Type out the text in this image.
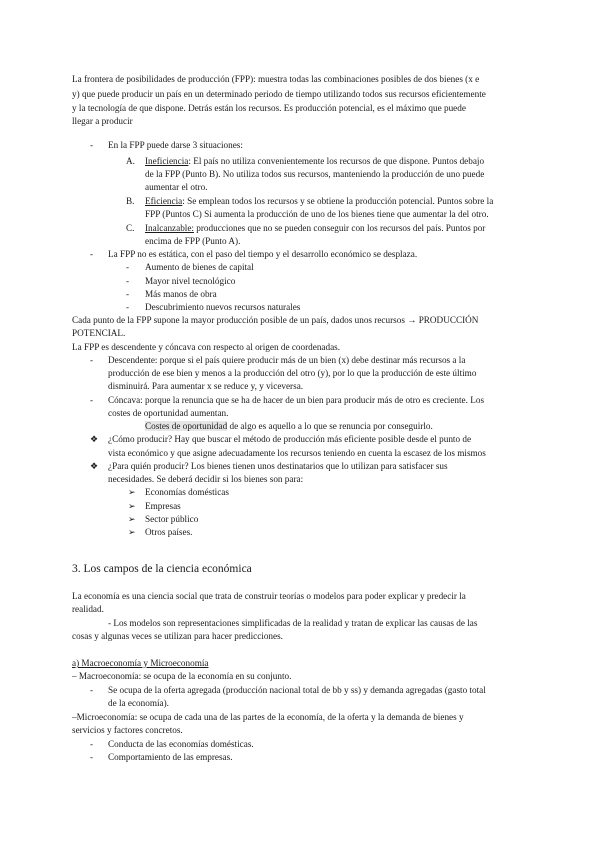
La frontera de posibilidades de producción (FPP): muestra todas las combinaciones posibles de dos bienes (x e
y) que puede producir un país en un determinado periodo de tiempo utilizando todos sus recursos eficientemente
y la tecnología de que dispone. Detrás están los recursos. Es producción potencial, es el máximo que puede
llegar a producir
- En la FPP puede darse 3 situaciones:
A. Ineficiencia: El país no utiliza convenientemente los recursos de que dispone. Puntos debajo
de la FPP (Punto B). No utiliza todos sus recursos, manteniendo la producción de uno puede
aumentar el otro.
B. Eficiencia: Se emplean todos los recursos y se obtiene la producción potencial. Puntos sobre la
FPP (Puntos C) Si aumenta la producción de uno de los bienes tiene que aumentar la del otro.
C. Inalcanzable: producciones que no se pueden conseguir con los recursos del país. Puntos por
encima de FPP (Punto A).
- La FPP no es estática, con el paso del tiempo y el desarrollo económico se desplaza.
- Aumento de bienes de capital
- Mayor nivel tecnológico
- Más manos de obra
- Descubrimiento nuevos recursos naturales
Cada punto de la FPP supone la mayor producción posible de un país, dados unos recursos → PRODUCCIÓN
POTENCIAL.
La FPP es descendente y cóncava con respecto al origen de coordenadas.
- Descendente: porque si el país quiere producir más de un bien (x) debe destinar más recursos a la
producción de ese bien y menos a la producción del otro (y), por lo que la producción de este último
disminuirá. Para aumentar x se reduce y, y viceversa.
- Cóncava: porque la renuncia que se ha de hacer de un bien para producir más de otro es creciente. Los
costes de oportunidad aumentan.
Costes de oportunidad de algo es aquello a lo que se renuncia por conseguirlo.
❖ ¿Cómo producir? Hay que buscar el método de producción más eficiente posible desde el punto de
vista económico y que asigne adecuadamente los recursos teniendo en cuenta la escasez de los mismos
❖ ¿Para quién producir? Los bienes tienen unos destinatarios que lo utilizan para satisfacer sus
necesidades. Se deberá decidir si los bienes son para:
➢ Economías domésticas
➢ Empresas
➢ Sector público
➢ Otros países.
3. Los campos de la ciencia económica
La economía es una ciencia social que trata de construir teorías o modelos para poder explicar y predecir la
realidad.
- Los modelos son representaciones simplificadas de la realidad y tratan de explicar las causas de las
cosas y algunas veces se utilizan para hacer predicciones.
a) Macroeconomía y Microeconomía
– Macroeconomía: se ocupa de la economía en su conjunto.
- Se ocupa de la oferta agregada (producción nacional total de bb y ss) y demanda agregadas (gasto total
de la economía).
–Microeconomía: se ocupa de cada una de las partes de la economía, de la oferta y la demanda de bienes y
servicios y factores concretos.
- Conducta de las economías domésticas.
- Comportamiento de las empresas.
